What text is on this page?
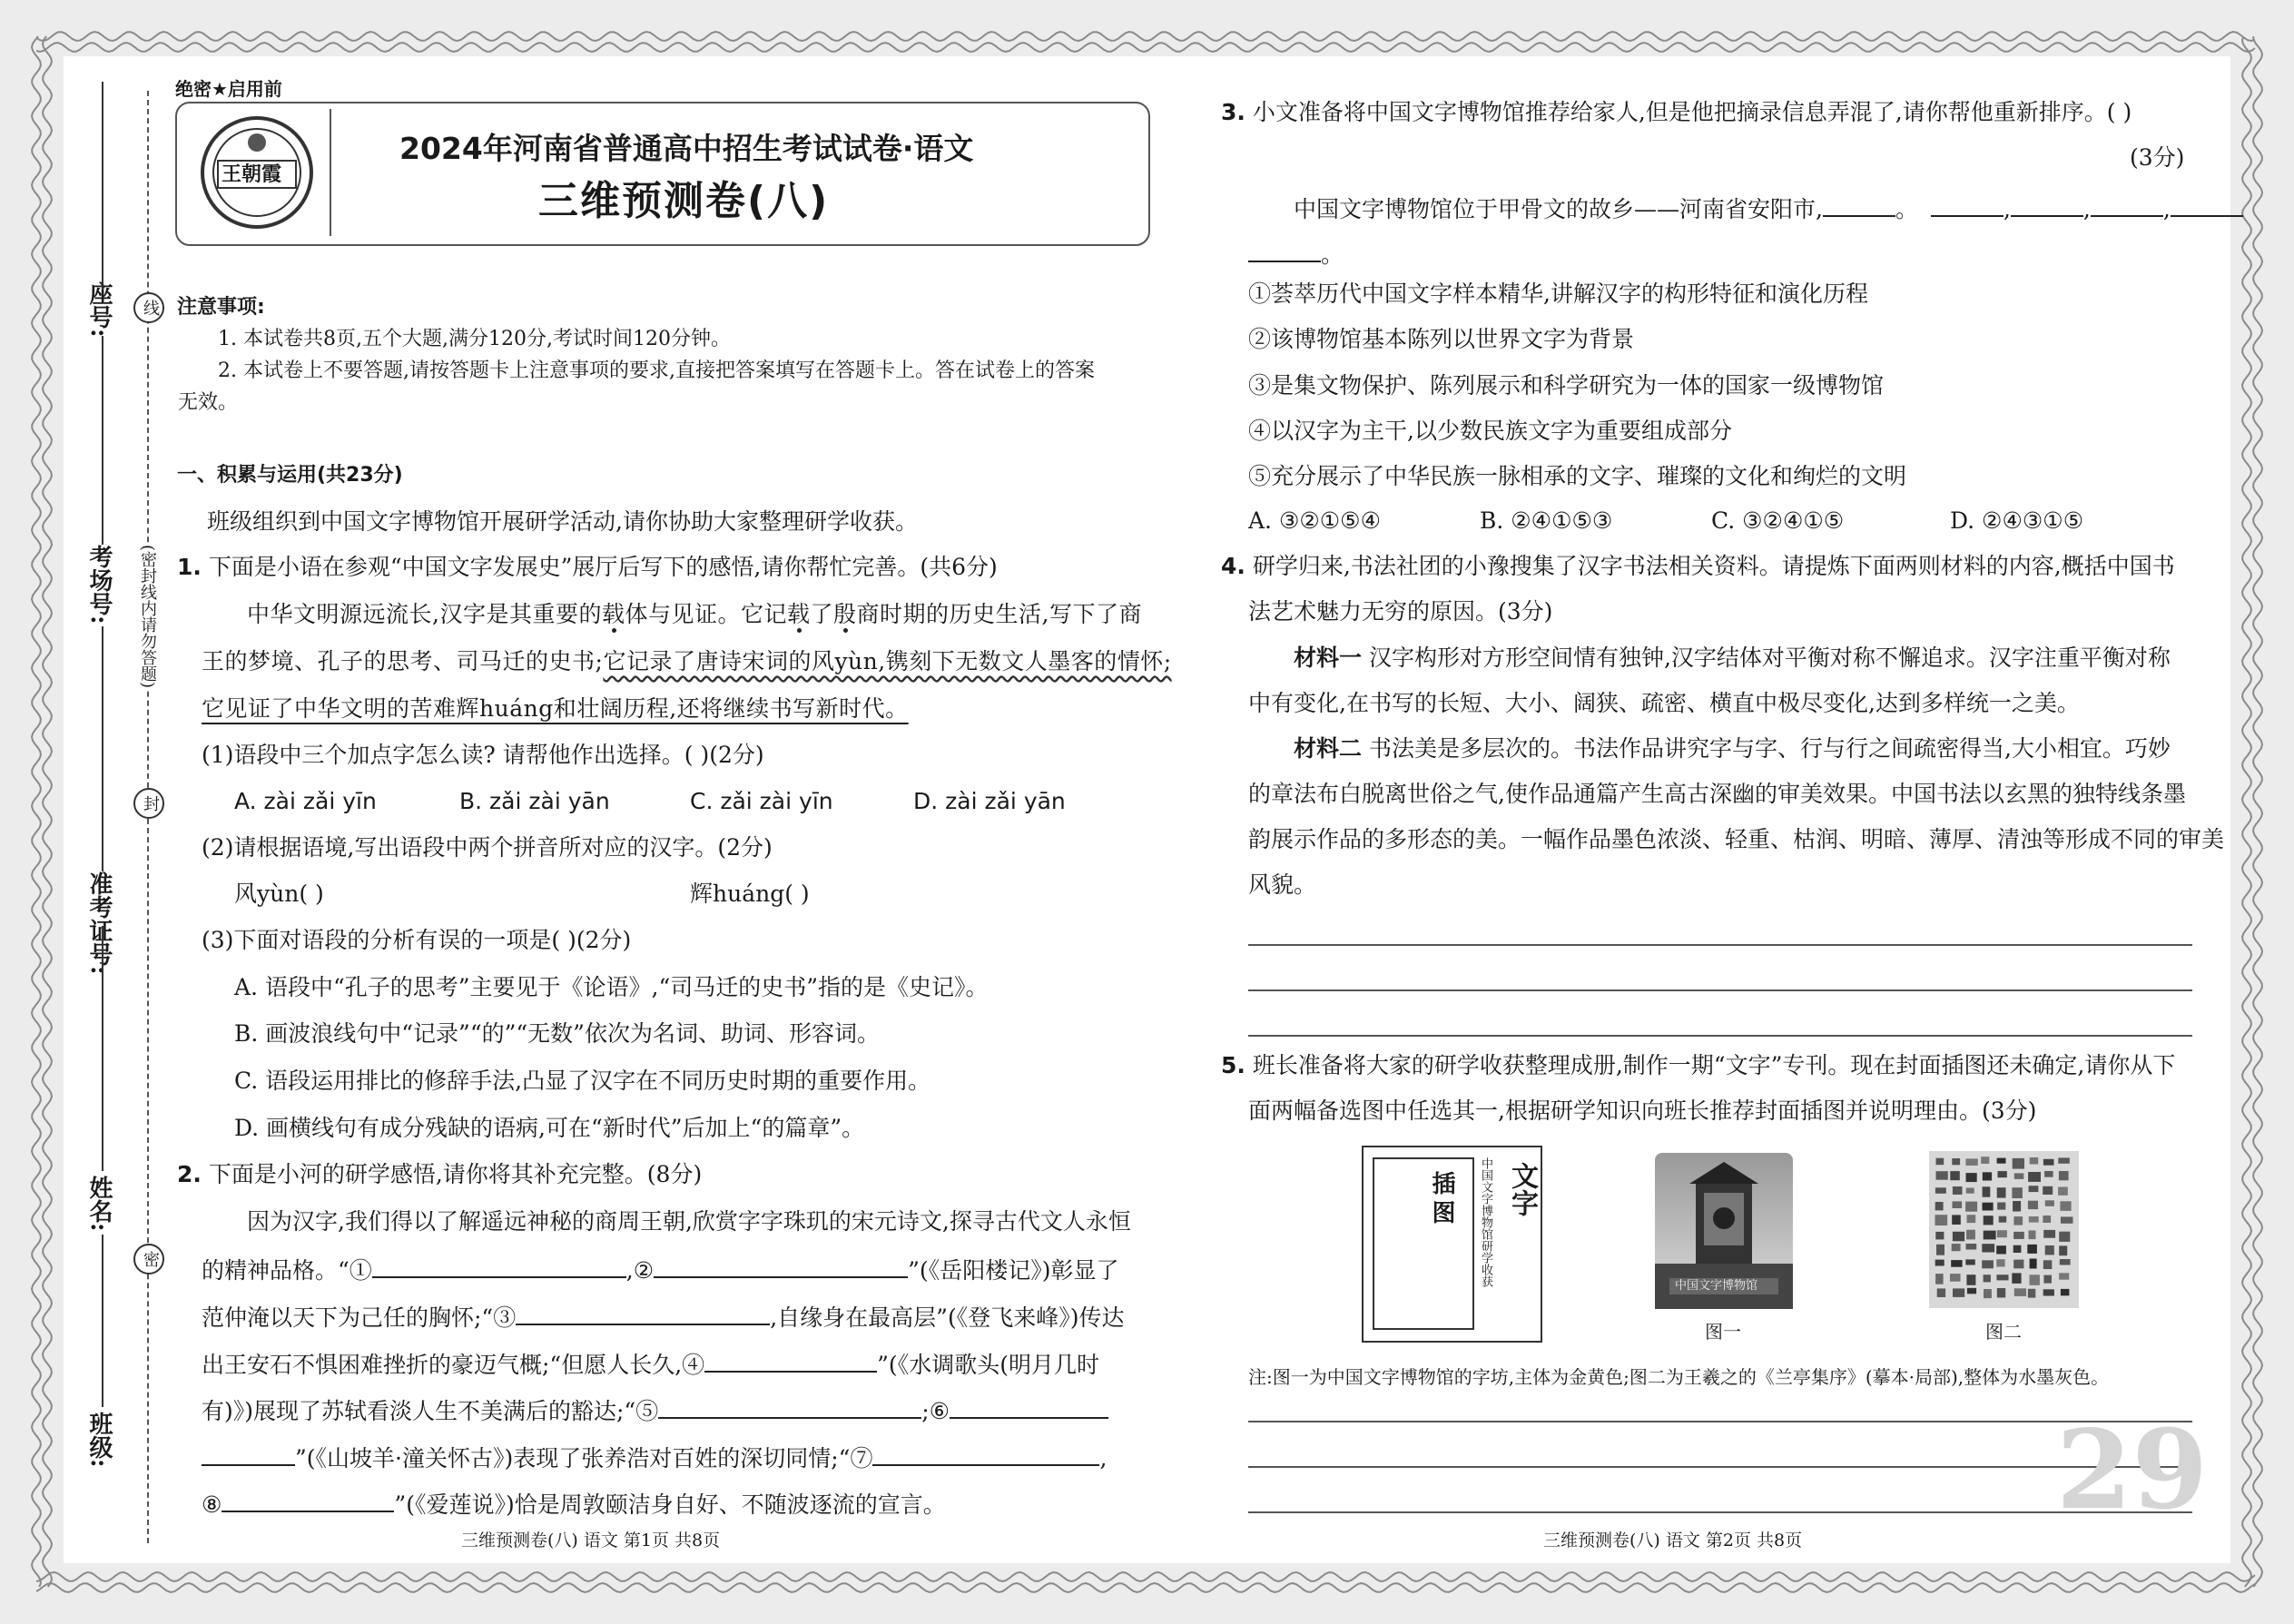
座号:
考场号:
准考证号:
姓名:
班级:
线
(密封线内请勿答题)
封
密
绝密★启用前
王朝霞
2024年河南省普通高中招生考试试卷·语文
三维预测卷(八)
注意事项:
1. 本试卷共8页,五个大题,满分120分,考试时间120分钟。
2. 本试卷上不要答题,请按答题卡上注意事项的要求,直接把答案填写在答题卡上。答在试卷上的答案
无效。
一、积累与运用(共23分)
班级组织到中国文字博物馆开展研学活动,请你协助大家整理研学收获。
1. 下面是小语在参观“中国文字发展史”展厅后写下的感悟,请你帮忙完善。(共6分)
中华文明源远流长,汉字是其重要的载体与见证。它记载了殷商时期的历史生活,写下了商
王的梦境、孔子的思考、司马迁的史书;它记录了唐诗宋词的风yùn,镌刻下无数文人墨客的情怀;
它见证了中华文明的苦难辉huáng和壮阔历程,还将继续书写新时代。
(1)语段中三个加点字怎么读? 请帮他作出选择。( )(2分)
A. zài zǎi yīn	B. zǎi zài yān	C. zǎi zài yīn	D. zài zǎi yān
(2)请根据语境,写出语段中两个拼音所对应的汉字。(2分)
风yùn( )	辉huáng( )
(3)下面对语段的分析有误的一项是( )(2分)
A. 语段中“孔子的思考”主要见于《论语》,“司马迁的史书”指的是《史记》。
B. 画波浪线句中“记录”“的”“无数”依次为名词、助词、形容词。
C. 语段运用排比的修辞手法,凸显了汉字在不同历史时期的重要作用。
D. 画横线句有成分残缺的语病,可在“新时代”后加上“的篇章”。
2. 下面是小河的研学感悟,请你将其补充完整。(8分)
因为汉字,我们得以了解遥远神秘的商周王朝,欣赏字字珠玑的宋元诗文,探寻古代文人永恒
的精神品格。“①	,②	”(《岳阳楼记》)彰显了
范仲淹以天下为己任的胸怀;“③	,自缘身在最高层”(《登飞来峰》)传达
出王安石不惧困难挫折的豪迈气概;“但愿人长久,④	”(《水调歌头(明月几时
有)》)展现了苏轼看淡人生不美满后的豁达;“⑤	;⑥
”(《山坡羊·潼关怀古》)表现了张养浩对百姓的深切同情;“⑦	,
⑧	”(《爱莲说》)恰是周敦颐洁身自好、不随波逐流的宣言。
三维预测卷(八) 语文 第1页 共8页
3. 小文准备将中国文字博物馆推荐给家人,但是他把摘录信息弄混了,请你帮他重新排序。( )
(3分)
中国文字博物馆位于甲骨文的故乡——河南省安阳市,	。	,	,	,
。
①荟萃历代中国文字样本精华,讲解汉字的构形特征和演化历程
②该博物馆基本陈列以世界文字为背景
③是集文物保护、陈列展示和科学研究为一体的国家一级博物馆
④以汉字为主干,以少数民族文字为重要组成部分
⑤充分展示了中华民族一脉相承的文字、璀璨的文化和绚烂的文明
A. ③②①⑤④	B. ②④①⑤③	C. ③②④①⑤	D. ②④③①⑤
4. 研学归来,书法社团的小豫搜集了汉字书法相关资料。请提炼下面两则材料的内容,概括中国书
法艺术魅力无穷的原因。(3分)
材料一 汉字构形对方形空间情有独钟,汉字结体对平衡对称不懈追求。汉字注重平衡对称
中有变化,在书写的长短、大小、阔狭、疏密、横直中极尽变化,达到多样统一之美。
材料二 书法美是多层次的。书法作品讲究字与字、行与行之间疏密得当,大小相宜。巧妙
的章法布白脱离世俗之气,使作品通篇产生高古深幽的审美效果。中国书法以玄黑的独特线条墨
韵展示作品的多形态的美。一幅作品墨色浓淡、轻重、枯润、明暗、薄厚、清浊等形成不同的审美
风貌。
5. 班长准备将大家的研学收获整理成册,制作一期“文字”专刊。现在封面插图还未确定,请你从下
面两幅备选图中任选其一,根据研学知识向班长推荐封面插图并说明理由。(3分)
插图 文字
中国文字博物馆研学收获	中国文字博物馆
图一	图二
注:图一为中国文字博物馆的字坊,主体为金黄色;图二为王羲之的《兰亭集序》(摹本·局部),整体为水墨灰色。
29
三维预测卷(八) 语文 第2页 共8页
